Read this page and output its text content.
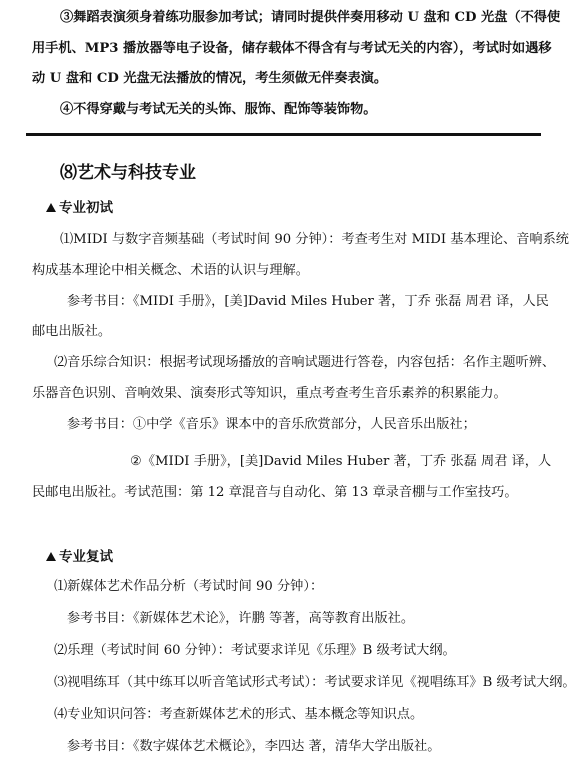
③舞蹈表演须身着练功服参加考试；请同时提供伴奏用移动 U 盘和 CD 光盘（不得使
用手机、MP3 播放器等电子设备，储存载体不得含有与考试无关的内容），考试时如遇移
动 U 盘和 CD 光盘无法播放的情况，考生须做无伴奏表演。
④不得穿戴与考试无关的头饰、服饰、配饰等装饰物。
⑻艺术与科技专业
专业初试
⑴MIDI 与数字音频基础（考试时间 90 分钟）：考查考生对 MIDI 基本理论、音响系统
构成基本理论中相关概念、术语的认识与理解。
参考书目：《MIDI 手册》，[美]David Miles Huber 著，丁乔 张磊 周君 译，人民
邮电出版社。
⑵音乐综合知识：根据考试现场播放的音响试题进行答卷，内容包括：名作主题听辨、
乐器音色识别、音响效果、演奏形式等知识，重点考查考生音乐素养的积累能力。
参考书目：①中学《音乐》课本中的音乐欣赏部分，人民音乐出版社；
②《MIDI 手册》，[美]David Miles Huber 著，丁乔 张磊 周君 译，人
民邮电出版社。考试范围：第 12 章混音与自动化、第 13 章录音棚与工作室技巧。
专业复试
⑴新媒体艺术作品分析（考试时间 90 分钟）：
参考书目：《新媒体艺术论》，许鹏 等著，高等教育出版社。
⑵乐理（考试时间 60 分钟）：考试要求详见《乐理》B 级考试大纲。
⑶视唱练耳（其中练耳以听音笔试形式考试）：考试要求详见《视唱练耳》B 级考试大纲。
⑷专业知识问答：考查新媒体艺术的形式、基本概念等知识点。
参考书目：《数字媒体艺术概论》，李四达 著，清华大学出版社。
